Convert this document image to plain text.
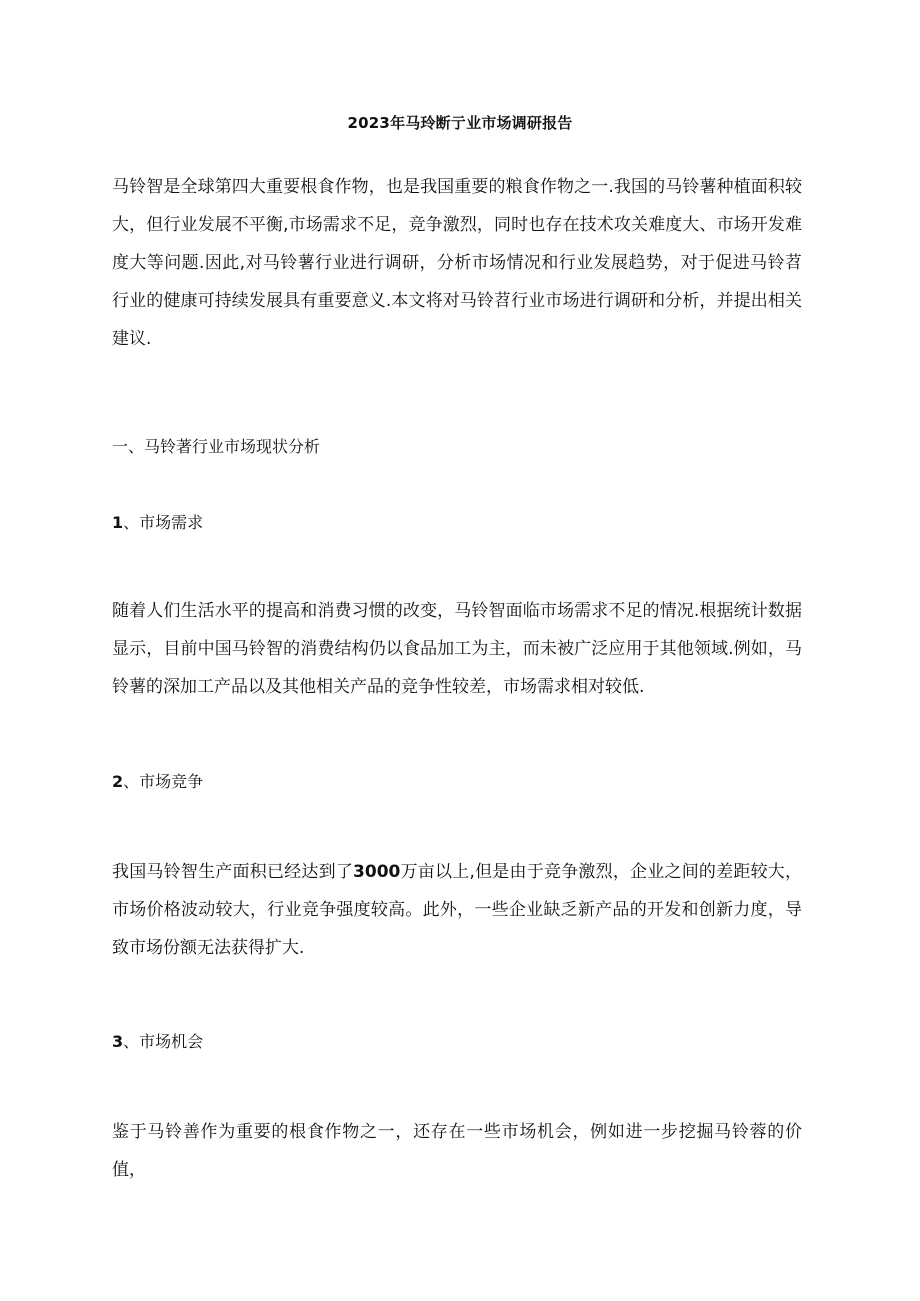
2023年马玲断亍业市场调研报告

马铃智是全球第四大重要根食作物，也是我国重要的粮食作物之一.我国的马铃薯种植面积较大，但行业发展不平衡,市场需求不足，竞争激烈，同时也存在技术攻关难度大、市场开发难度大等问题.因此,对马铃薯行业进行调研，分析市场情况和行业发展趋势，对于促进马铃苕行业的健康可持续发展具有重要意义.本文将对马铃苕行业市场进行调研和分析，并提出相关建议.

一、马铃著行业市场现状分析
1、市场需求

随着人们生活水平的提高和消费习惯的改变，马铃智面临市场需求不足的情况.根据统计数据显示，目前中国马铃智的消费结构仍以食品加工为主，而未被广泛应用于其他领域.例如，马铃薯的深加工产品以及其他相关产品的竞争性较差，市场需求相对较低.

2、市场竞争

我国马铃智生产面积已经达到了3000万亩以上,但是由于竞争激烈，企业之间的差距较大，市场价格波动较大，行业竞争强度较高。此外，一些企业缺乏新产品的开发和创新力度，导致市场份额无法获得扩大.

3、市场机会

鉴于马铃善作为重要的根食作物之一，还存在一些市场机会，例如进一步挖掘马铃蓉的价值，
